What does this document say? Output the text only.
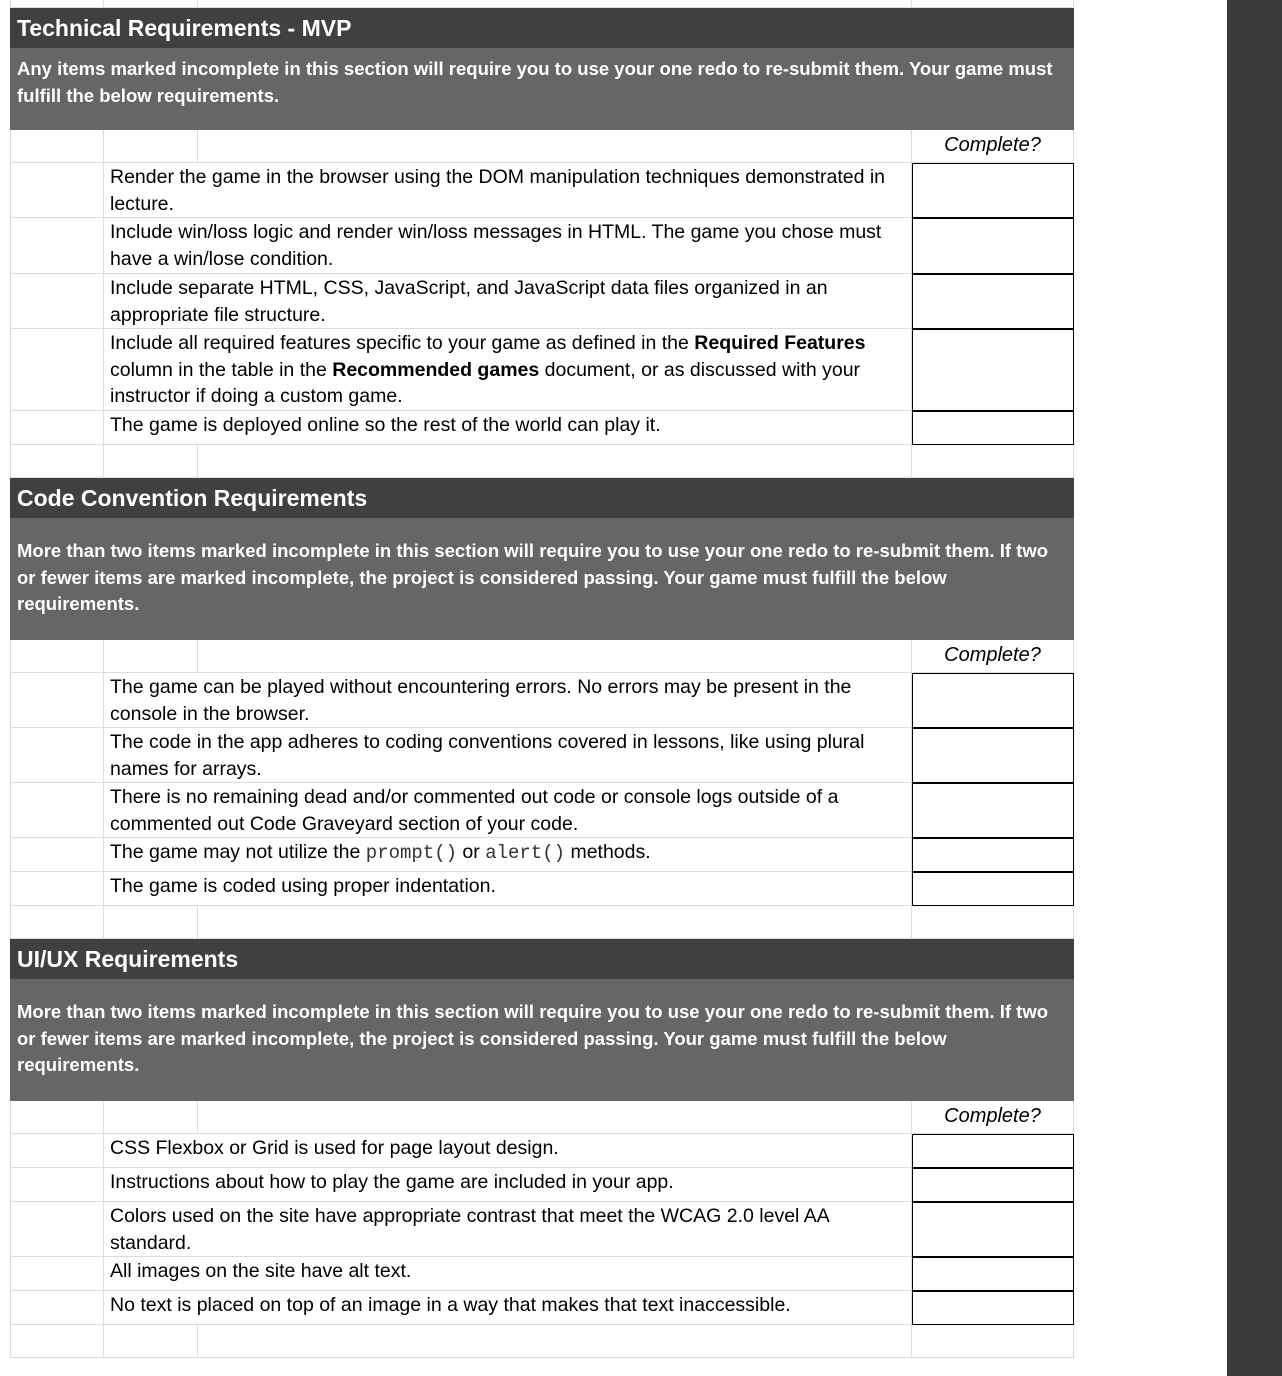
Technical Requirements - MVP
Any items marked incomplete in this section will require you to use your one redo to re-submit them. Your game must fulfill the below requirements.
Complete?
Render the game in the browser using the DOM manipulation techniques demonstrated in lecture.
Include win/loss logic and render win/loss messages in HTML. The game you chose must have a win/lose condition.
Include separate HTML, CSS, JavaScript, and JavaScript data files organized in an appropriate file structure.
Include all required features specific to your game as defined in the Required Features column in the table in the Recommended games document, or as discussed with your instructor if doing a custom game.
The game is deployed online so the rest of the world can play it.
Code Convention Requirements
More than two items marked incomplete in this section will require you to use your one redo to re-submit them. If two or fewer items are marked incomplete, the project is considered passing. Your game must fulfill the below requirements.
Complete?
The game can be played without encountering errors. No errors may be present in the console in the browser.
The code in the app adheres to coding conventions covered in lessons, like using plural names for arrays.
There is no remaining dead and/or commented out code or console logs outside of a commented out Code Graveyard section of your code.
The game may not utilize the prompt() or alert() methods.
The game is coded using proper indentation.
UI/UX Requirements
More than two items marked incomplete in this section will require you to use your one redo to re-submit them. If two or fewer items are marked incomplete, the project is considered passing. Your game must fulfill the below requirements.
Complete?
CSS Flexbox or Grid is used for page layout design.
Instructions about how to play the game are included in your app.
Colors used on the site have appropriate contrast that meet the WCAG 2.0 level AA standard.
All images on the site have alt text.
No text is placed on top of an image in a way that makes that text inaccessible.
